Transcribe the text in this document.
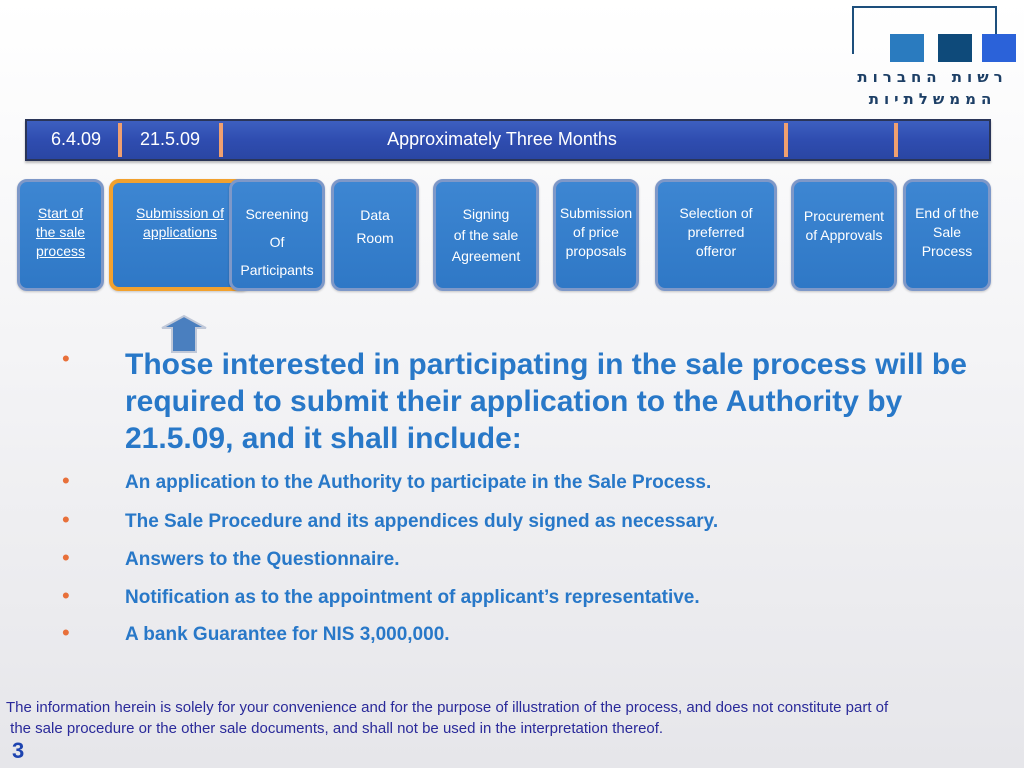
רשות החברות
הממשלתיות
6.4.09 21.5.09	Approximately Three Months
Start of
the sale
process
Submission of
applications
Screening
Of
Participants
Data
Room
Signing
of the sale
Agreement
Submission
of price
proposals
Selection of
preferred
offeror
Procurement
of Approvals
End of the
Sale
Process
• Those interested in participating in the sale process will be required to submit their application to the Authority by 21.5.09, and it shall include:
•	An application to the Authority to participate in the Sale Process.
•	The Sale Procedure and its appendices duly signed as necessary.
•	Answers to the Questionnaire.
•	Notification as to the appointment of applicant’s representative.
•	A bank Guarantee for NIS 3,000,000.
The information herein is solely for your convenience and for the purpose of illustration of the process, and does not constitute part of
the sale procedure or the other sale documents, and shall not be used in the interpretation thereof.
3
